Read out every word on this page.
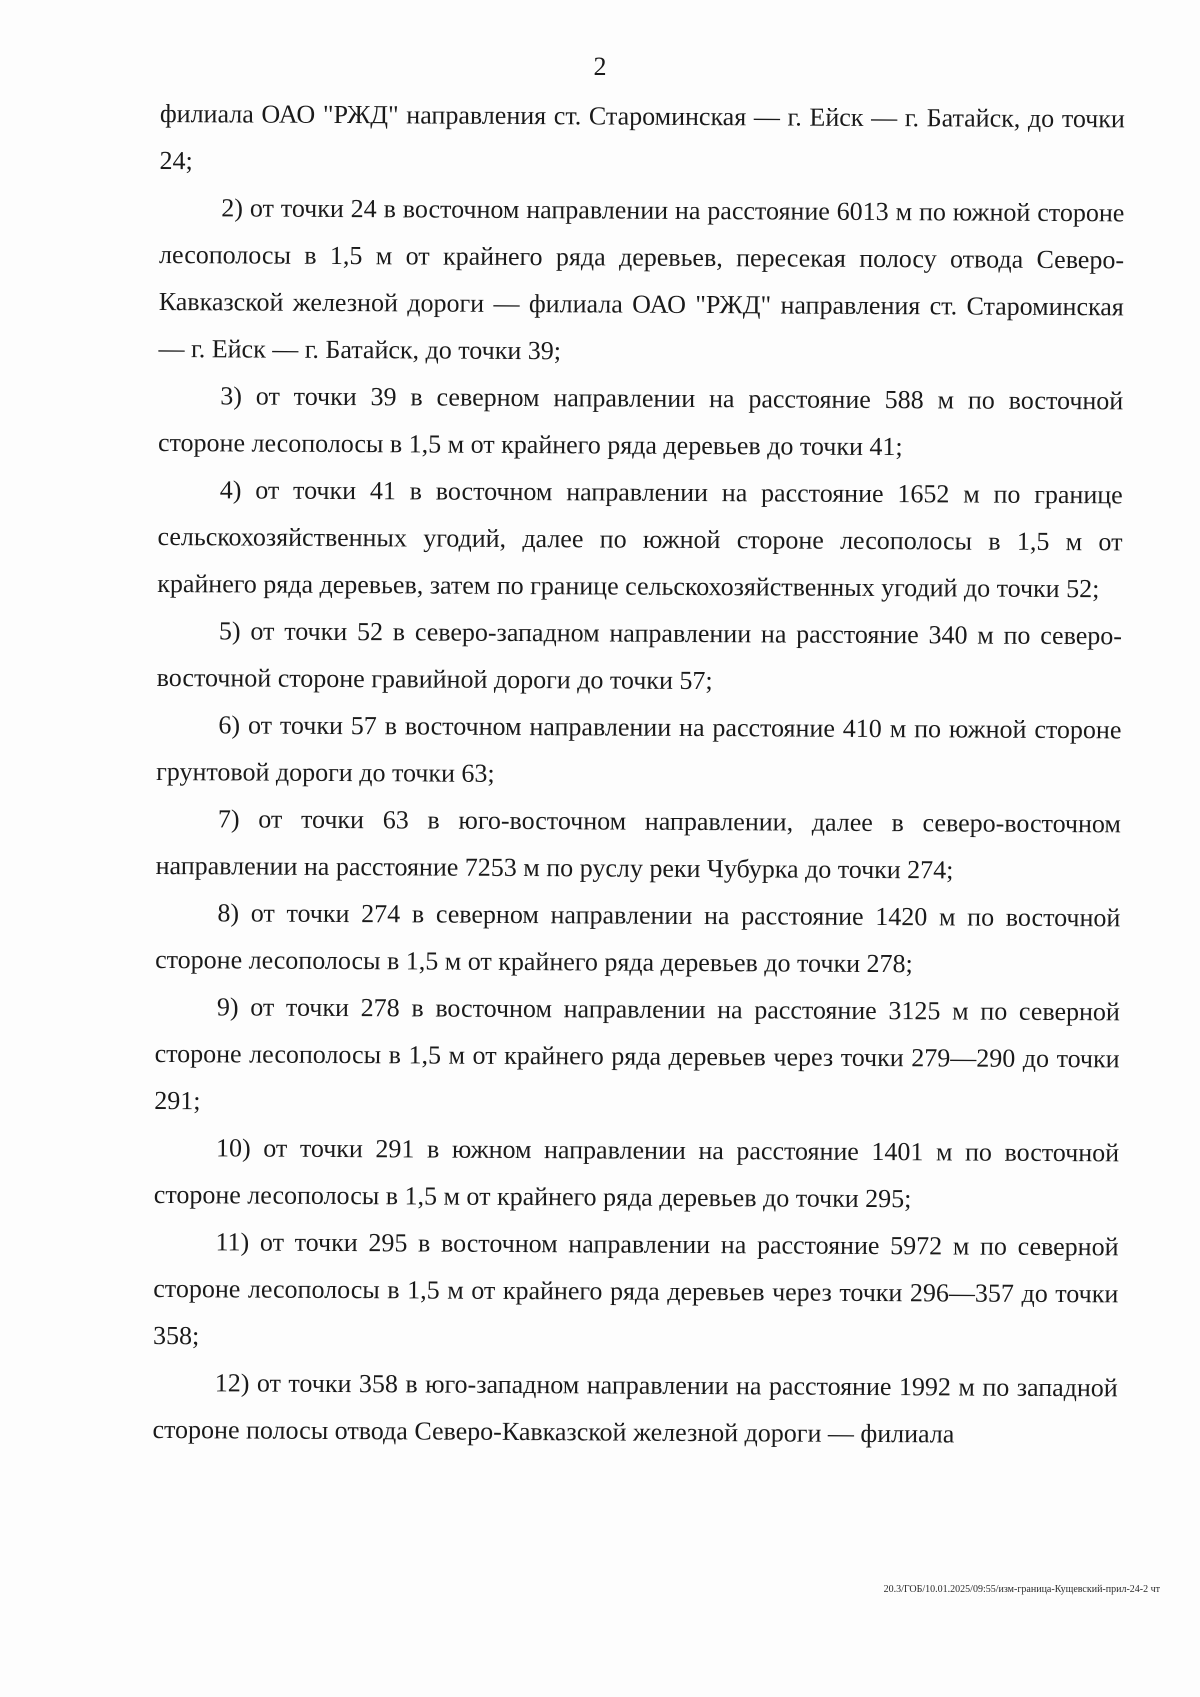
2

филиала ОАО "РЖД" направления ст. Староминская — г. Ейск — г. Батайск, до точки 24;

2) от точки 24 в восточном направлении на расстояние 6013 м по южной стороне лесополосы в 1,5 м от крайнего ряда деревьев, пересекая полосу отвода Северо-Кавказской железной дороги — филиала ОАО "РЖД" направления ст. Староминская — г. Ейск — г. Батайск, до точки 39;

3) от точки 39 в северном направлении на расстояние 588 м по восточной стороне лесополосы в 1,5 м от крайнего ряда деревьев до точки 41;

4) от точки 41 в восточном направлении на расстояние 1652 м по границе сельскохозяйственных угодий, далее по южной стороне лесополосы в 1,5 м от крайнего ряда деревьев, затем по границе сельскохозяйственных угодий до точки 52;

5) от точки 52 в северо-западном направлении на расстояние 340 м по северо-восточной стороне гравийной дороги до точки 57;

6) от точки 57 в восточном направлении на расстояние 410 м по южной стороне грунтовой дороги до точки 63;

7) от точки 63 в юго-восточном направлении, далее в северо-восточном направлении на расстояние 7253 м по руслу реки Чубурка до точки 274;

8) от точки 274 в северном направлении на расстояние 1420 м по восточной стороне лесополосы в 1,5 м от крайнего ряда деревьев до точки 278;

9) от точки 278 в восточном направлении на расстояние 3125 м по северной стороне лесополосы в 1,5 м от крайнего ряда деревьев через точки 279—290 до точки 291;

10) от точки 291 в южном направлении на расстояние 1401 м по восточной стороне лесополосы в 1,5 м от крайнего ряда деревьев до точки 295;

11) от точки 295 в восточном направлении на расстояние 5972 м по северной стороне лесополосы в 1,5 м от крайнего ряда деревьев через точки 296—357 до точки 358;

12) от точки 358 в юго-западном направлении на расстояние 1992 м по западной стороне полосы отвода Северо-Кавказской железной дороги — филиала

20.3/ГОБ/10.01.2025/09:55/изм-граница-Кущевский-прил-24-2 чт
